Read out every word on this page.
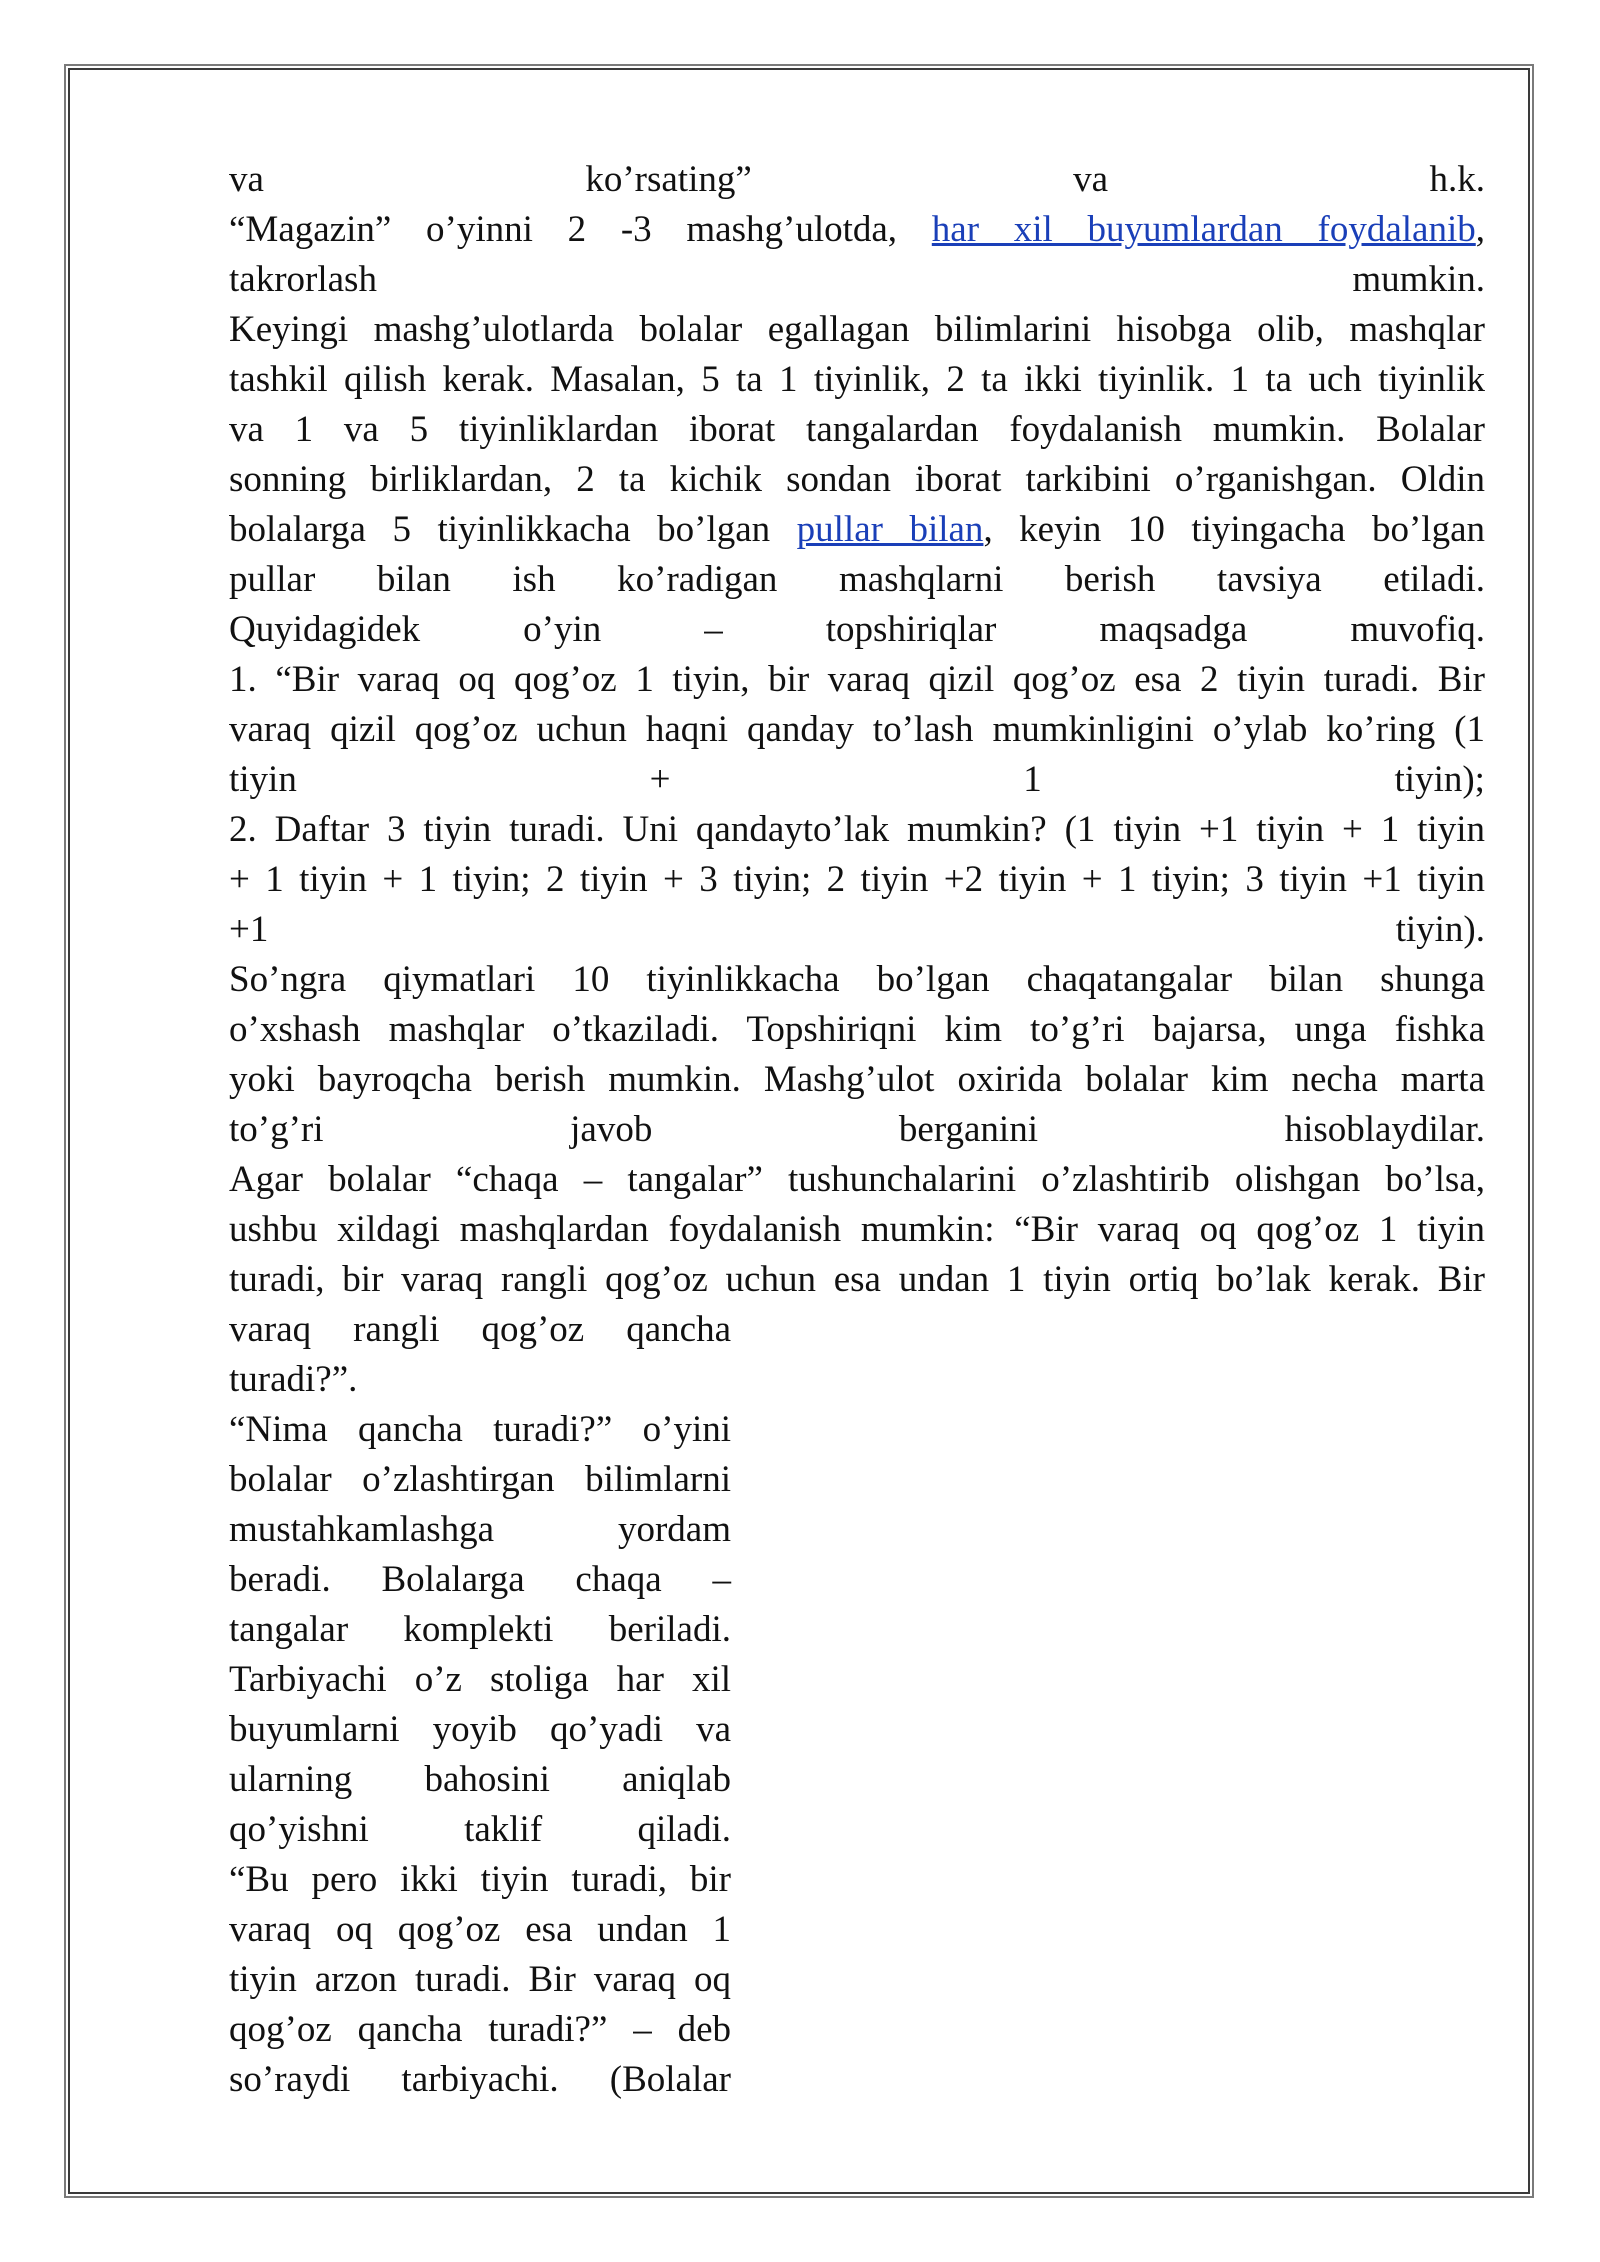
va	ko’rsating”	va	h.k.
“Magazin” o’yinni 2 -3 mashg’ulotda, har xil buyumlardan foydalanib,
takrorlash	mumkin.
Keyingi mashg’ulotlarda bolalar egallagan bilimlarini hisobga olib, mashqlar
tashkil qilish kerak. Masalan, 5 ta 1 tiyinlik, 2 ta ikki tiyinlik. 1 ta uch tiyinlik
va 1 va 5 tiyinliklardan iborat tangalardan foydalanish mumkin. Bolalar
sonning birliklardan, 2 ta kichik sondan iborat tarkibini o’rganishgan. Oldin
bolalarga 5 tiyinlikkacha bo’lgan pullar bilan, keyin 10 tiyingacha bo’lgan
pullar bilan ish ko’radigan mashqlarni berish tavsiya etiladi.
Quyidagidek	o’yin	–	topshiriqlar	maqsadga	muvofiq.
1. “Bir varaq oq qog’oz 1 tiyin, bir varaq qizil qog’oz esa 2 tiyin turadi. Bir
varaq qizil qog’oz uchun haqni qanday to’lash mumkinligini o’ylab ko’ring (1
tiyin	+	1	tiyin);
2. Daftar 3 tiyin turadi. Uni qandayto’lak mumkin? (1 tiyin +1 tiyin + 1 tiyin
+ 1 tiyin + 1 tiyin; 2 tiyin + 3 tiyin; 2 tiyin +2 tiyin + 1 tiyin; 3 tiyin +1 tiyin
+1	tiyin).
So’ngra qiymatlari 10 tiyinlikkacha bo’lgan chaqatangalar bilan shunga
o’xshash mashqlar o’tkaziladi. Topshiriqni kim to’g’ri bajarsa, unga fishka
yoki bayroqcha berish mumkin. Mashg’ulot oxirida bolalar kim necha marta
to’g’ri	javob	berganini	hisoblaydilar.
Agar bolalar “chaqa – tangalar” tushunchalarini o’zlashtirib olishgan bo’lsa,
ushbu xildagi mashqlardan foydalanish mumkin: “Bir varaq oq qog’oz 1 tiyin
turadi, bir varaq rangli qog’oz uchun esa undan 1 tiyin ortiq bo’lak kerak. Bir
varaq rangli qog’oz qancha
turadi?”.
“Nima qancha turadi?” o’yini
bolalar o’zlashtirgan bilimlarni
mustahkamlashga	yordam
beradi. Bolalarga chaqa –
tangalar komplekti beriladi.
Tarbiyachi o’z stoliga har xil
buyumlarni yoyib qo’yadi va
ularning bahosini aniqlab
qo’yishni	taklif	qiladi.
“Bu pero ikki tiyin turadi, bir
varaq oq qog’oz esa undan 1
tiyin arzon turadi. Bir varaq oq
qog’oz qancha turadi?” – deb
so’raydi tarbiyachi. (Bolalar
